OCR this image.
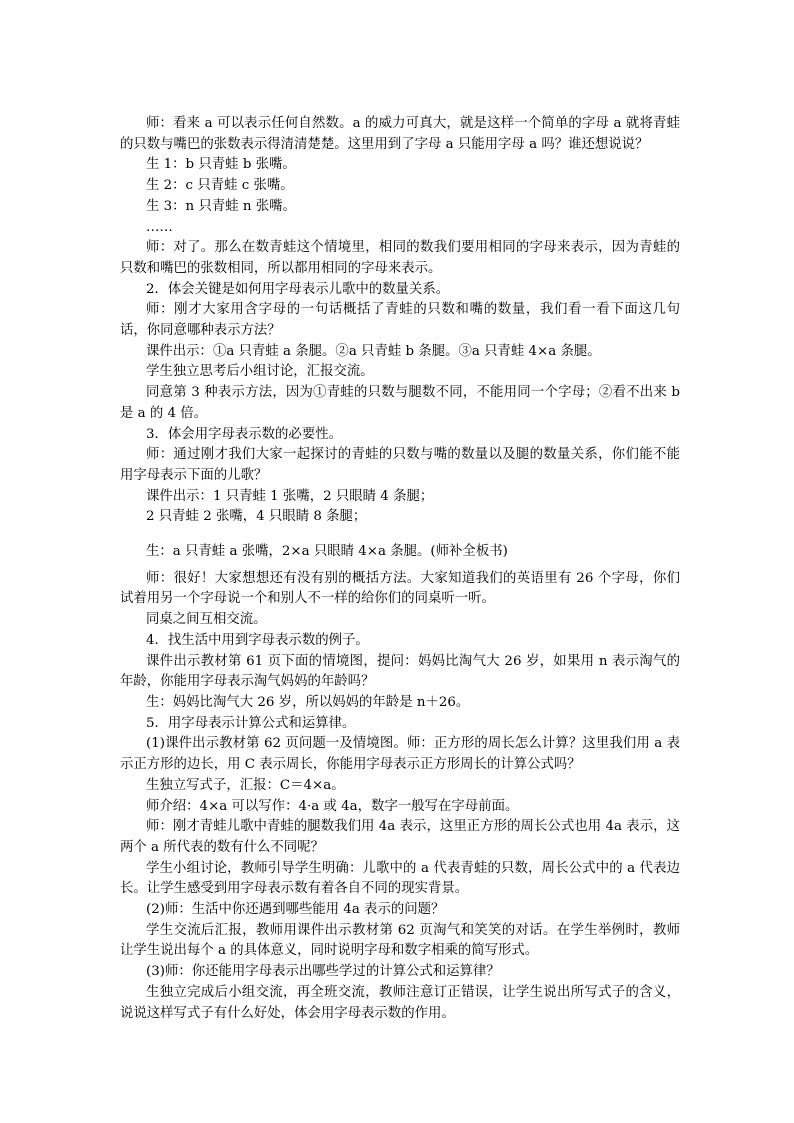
师：看来 a 可以表示任何自然数。a 的威力可真大，就是这样一个简单的字母 a 就将青蛙的只数与嘴巴的张数表示得清清楚楚。这里用到了字母 a 只能用字母 a 吗？谁还想说说？

生 1：b 只青蛙 b 张嘴。

生 2：c 只青蛙 c 张嘴。

生 3：n 只青蛙 n 张嘴。

……

师：对了。那么在数青蛙这个情境里，相同的数我们要用相同的字母来表示，因为青蛙的只数和嘴巴的张数相同，所以都用相同的字母来表示。

2．体会关键是如何用字母表示儿歌中的数量关系。

师：刚才大家用含字母的一句话概括了青蛙的只数和嘴的数量，我们看一看下面这几句话，你同意哪种表示方法？

课件出示：①a 只青蛙 a 条腿。②a 只青蛙 b 条腿。③a 只青蛙 4×a 条腿。

学生独立思考后小组讨论，汇报交流。

同意第 3 种表示方法，因为①青蛙的只数与腿数不同，不能用同一个字母；②看不出来 b 是 a 的 4 倍。

3．体会用字母表示数的必要性。

师：通过刚才我们大家一起探讨的青蛙的只数与嘴的数量以及腿的数量关系，你们能不能用字母表示下面的儿歌？

课件出示：1 只青蛙 1 张嘴，2 只眼睛 4 条腿；

2 只青蛙 2 张嘴，4 只眼睛 8 条腿；

生：a 只青蛙 a 张嘴，2×a 只眼睛 4×a 条腿。(师补全板书)

师：很好！大家想想还有没有别的概括方法。大家知道我们的英语里有 26 个字母，你们试着用另一个字母说一个和别人不一样的给你们的同桌听一听。

同桌之间互相交流。

4．找生活中用到字母表示数的例子。

课件出示教材第 61 页下面的情境图，提问：妈妈比淘气大 26 岁，如果用 n 表示淘气的年龄，你能用字母表示淘气妈妈的年龄吗？

生：妈妈比淘气大 26 岁，所以妈妈的年龄是 n＋26。

5．用字母表示计算公式和运算律。

(1)课件出示教材第 62 页问题一及情境图。师：正方形的周长怎么计算？这里我们用 a 表示正方形的边长，用 C 表示周长，你能用字母表示正方形周长的计算公式吗？

生独立写式子，汇报：C＝4×a。

师介绍：4×a 可以写作：4·a 或 4a，数字一般写在字母前面。

师：刚才青蛙儿歌中青蛙的腿数我们用 4a 表示，这里正方形的周长公式也用 4a 表示，这两个 a 所代表的数有什么不同呢？

学生小组讨论，教师引导学生明确：儿歌中的 a 代表青蛙的只数，周长公式中的 a 代表边长。让学生感受到用字母表示数有着各自不同的现实背景。

(2)师：生活中你还遇到哪些能用 4a 表示的问题？

学生交流后汇报，教师用课件出示教材第 62 页淘气和笑笑的对话。在学生举例时，教师让学生说出每个 a 的具体意义，同时说明字母和数字相乘的简写形式。

(3)师：你还能用字母表示出哪些学过的计算公式和运算律？

生独立完成后小组交流，再全班交流，教师注意订正错误，让学生说出所写式子的含义，说说这样写式子有什么好处，体会用字母表示数的作用。
